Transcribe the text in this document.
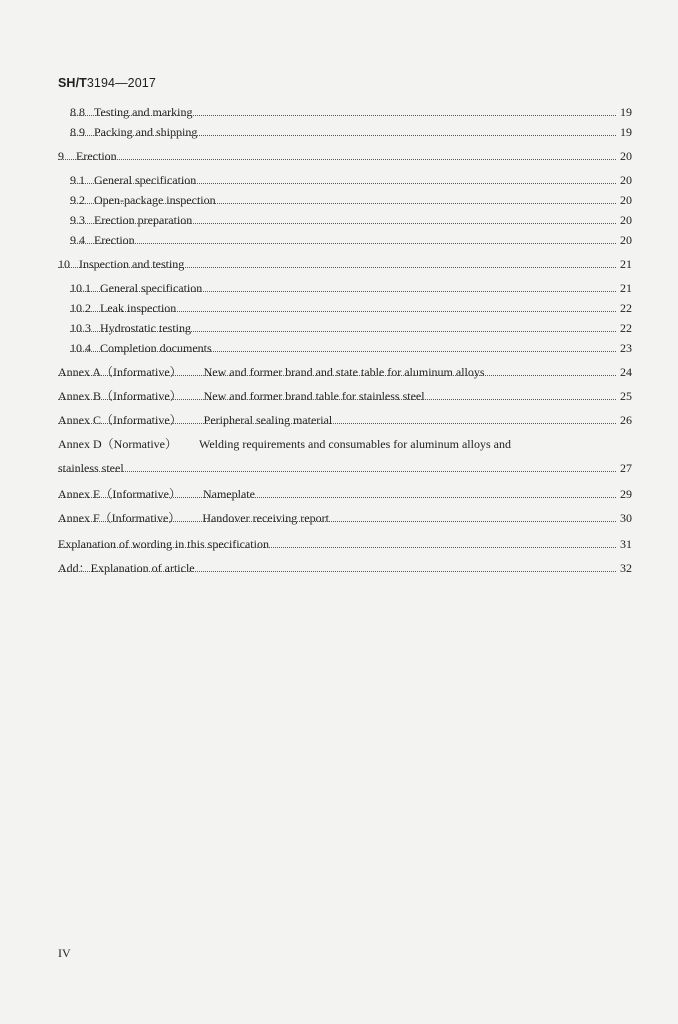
SH/T3194—2017
8.8 Testing and marking	19
8.9 Packing and shipping	19
9 Erection	20
9.1 General specification	20
9.2 Open-package inspection	20
9.3 Erection preparation	20
9.4 Erection	20
10 Inspection and testing	21
10.1 General specification	21
10.2 Leak inspection	22
10.3 Hydrostatic testing	22
10.4 Completion documents	23
Annex A（Informative） New and former brand and state table for aluminum alloys	24
Annex B（Informative） New and former brand table for stainless steel	25
Annex C（Informative） Peripheral sealing material	26
Annex D（Normative） Welding requirements and consumables for aluminum alloys and
stainless steel	27
Annex E（Informative） Nameplate	29
Annex F（Informative） Handover receiving report	30
Explanation of wording in this specification	31
Add：Explanation of article	32
IV
